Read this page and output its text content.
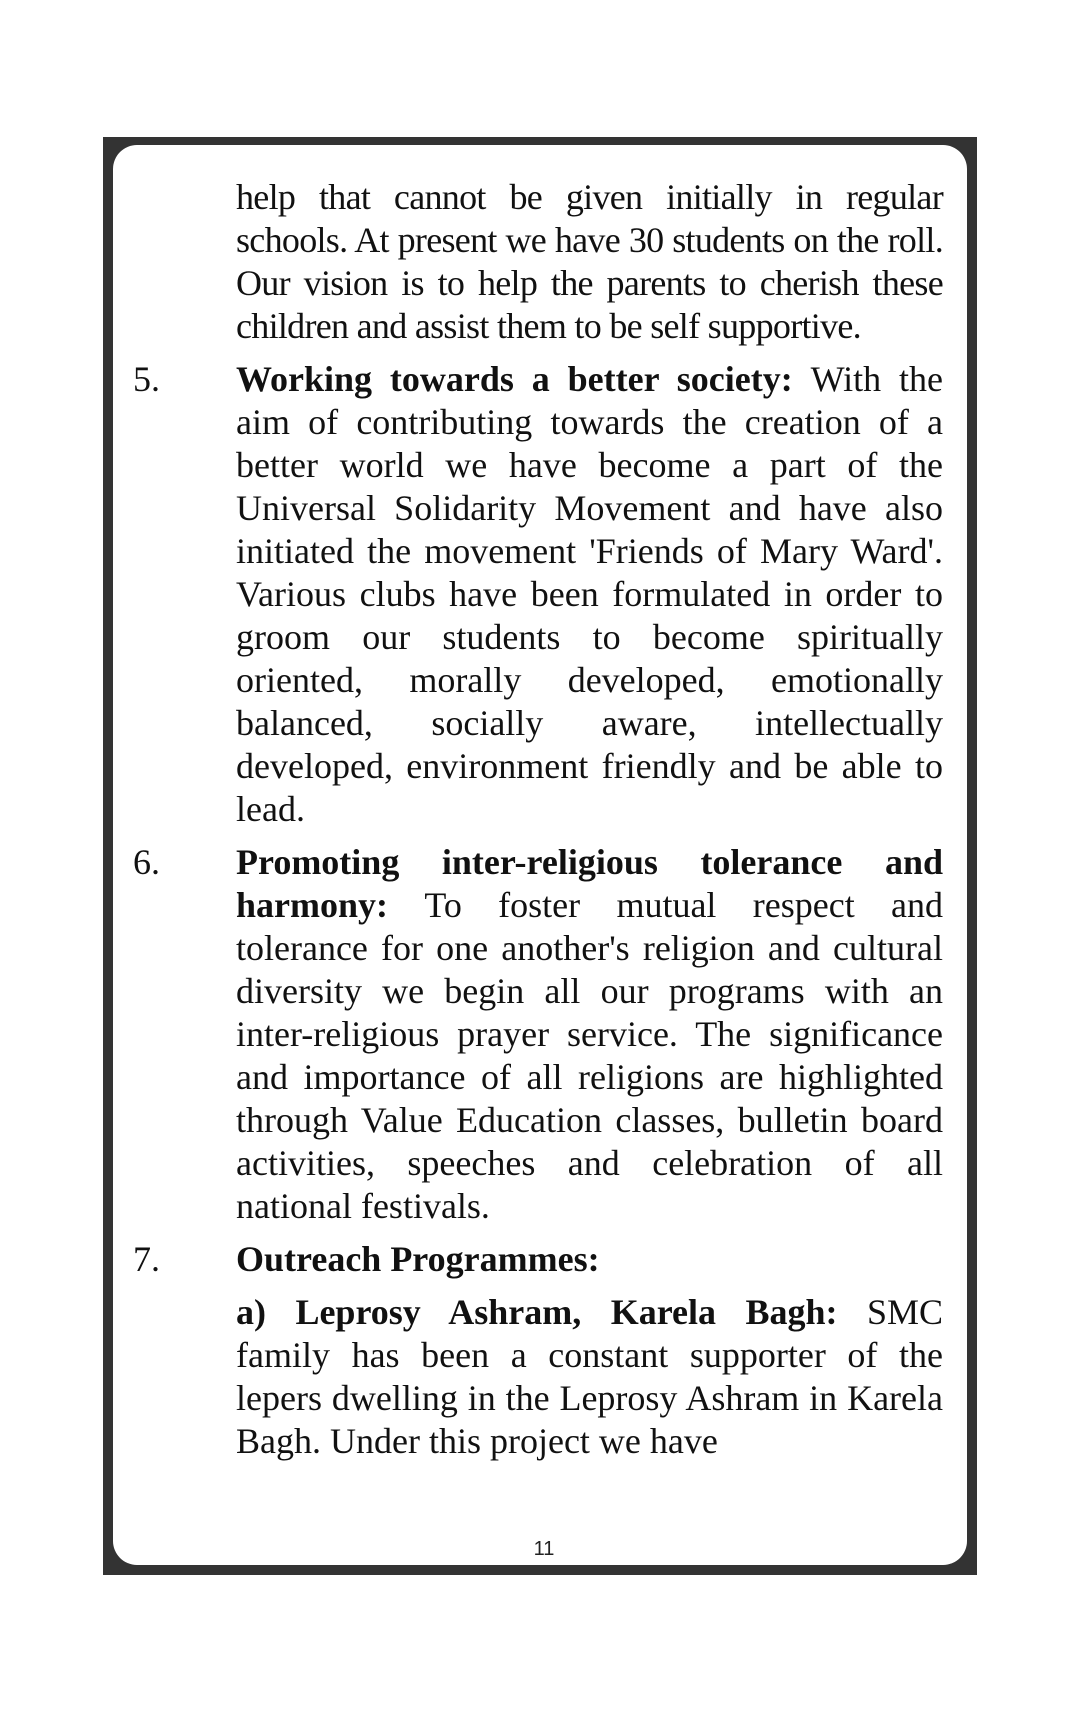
help that cannot be given initially in regular schools. At present we have 30 students on the roll. Our vision is to help the parents to cherish these children and assist them to be self supportive.
5.	Working towards a better society: With the aim of contributing towards the creation of a better world we have become a part of the Universal Solidarity Movement and have also initiated the movement 'Friends of Mary Ward'. Various clubs have been formulated in order to groom our students to become spiritually oriented, morally developed, emotionally balanced, socially aware, intellectually developed, environment friendly and be able to lead.
6.	Promoting inter-religious tolerance and harmony: To foster mutual respect and tolerance for one another's religion and cultural diversity we begin all our programs with an inter-religious prayer service. The significance and importance of all religions are highlighted through Value Education classes, bulletin board activities, speeches and celebration of all national festivals.
7.	Outreach Programmes:
a) Leprosy Ashram, Karela Bagh: SMC family has been a constant supporter of the lepers dwelling in the Leprosy Ashram in Karela Bagh. Under this project we have
11
